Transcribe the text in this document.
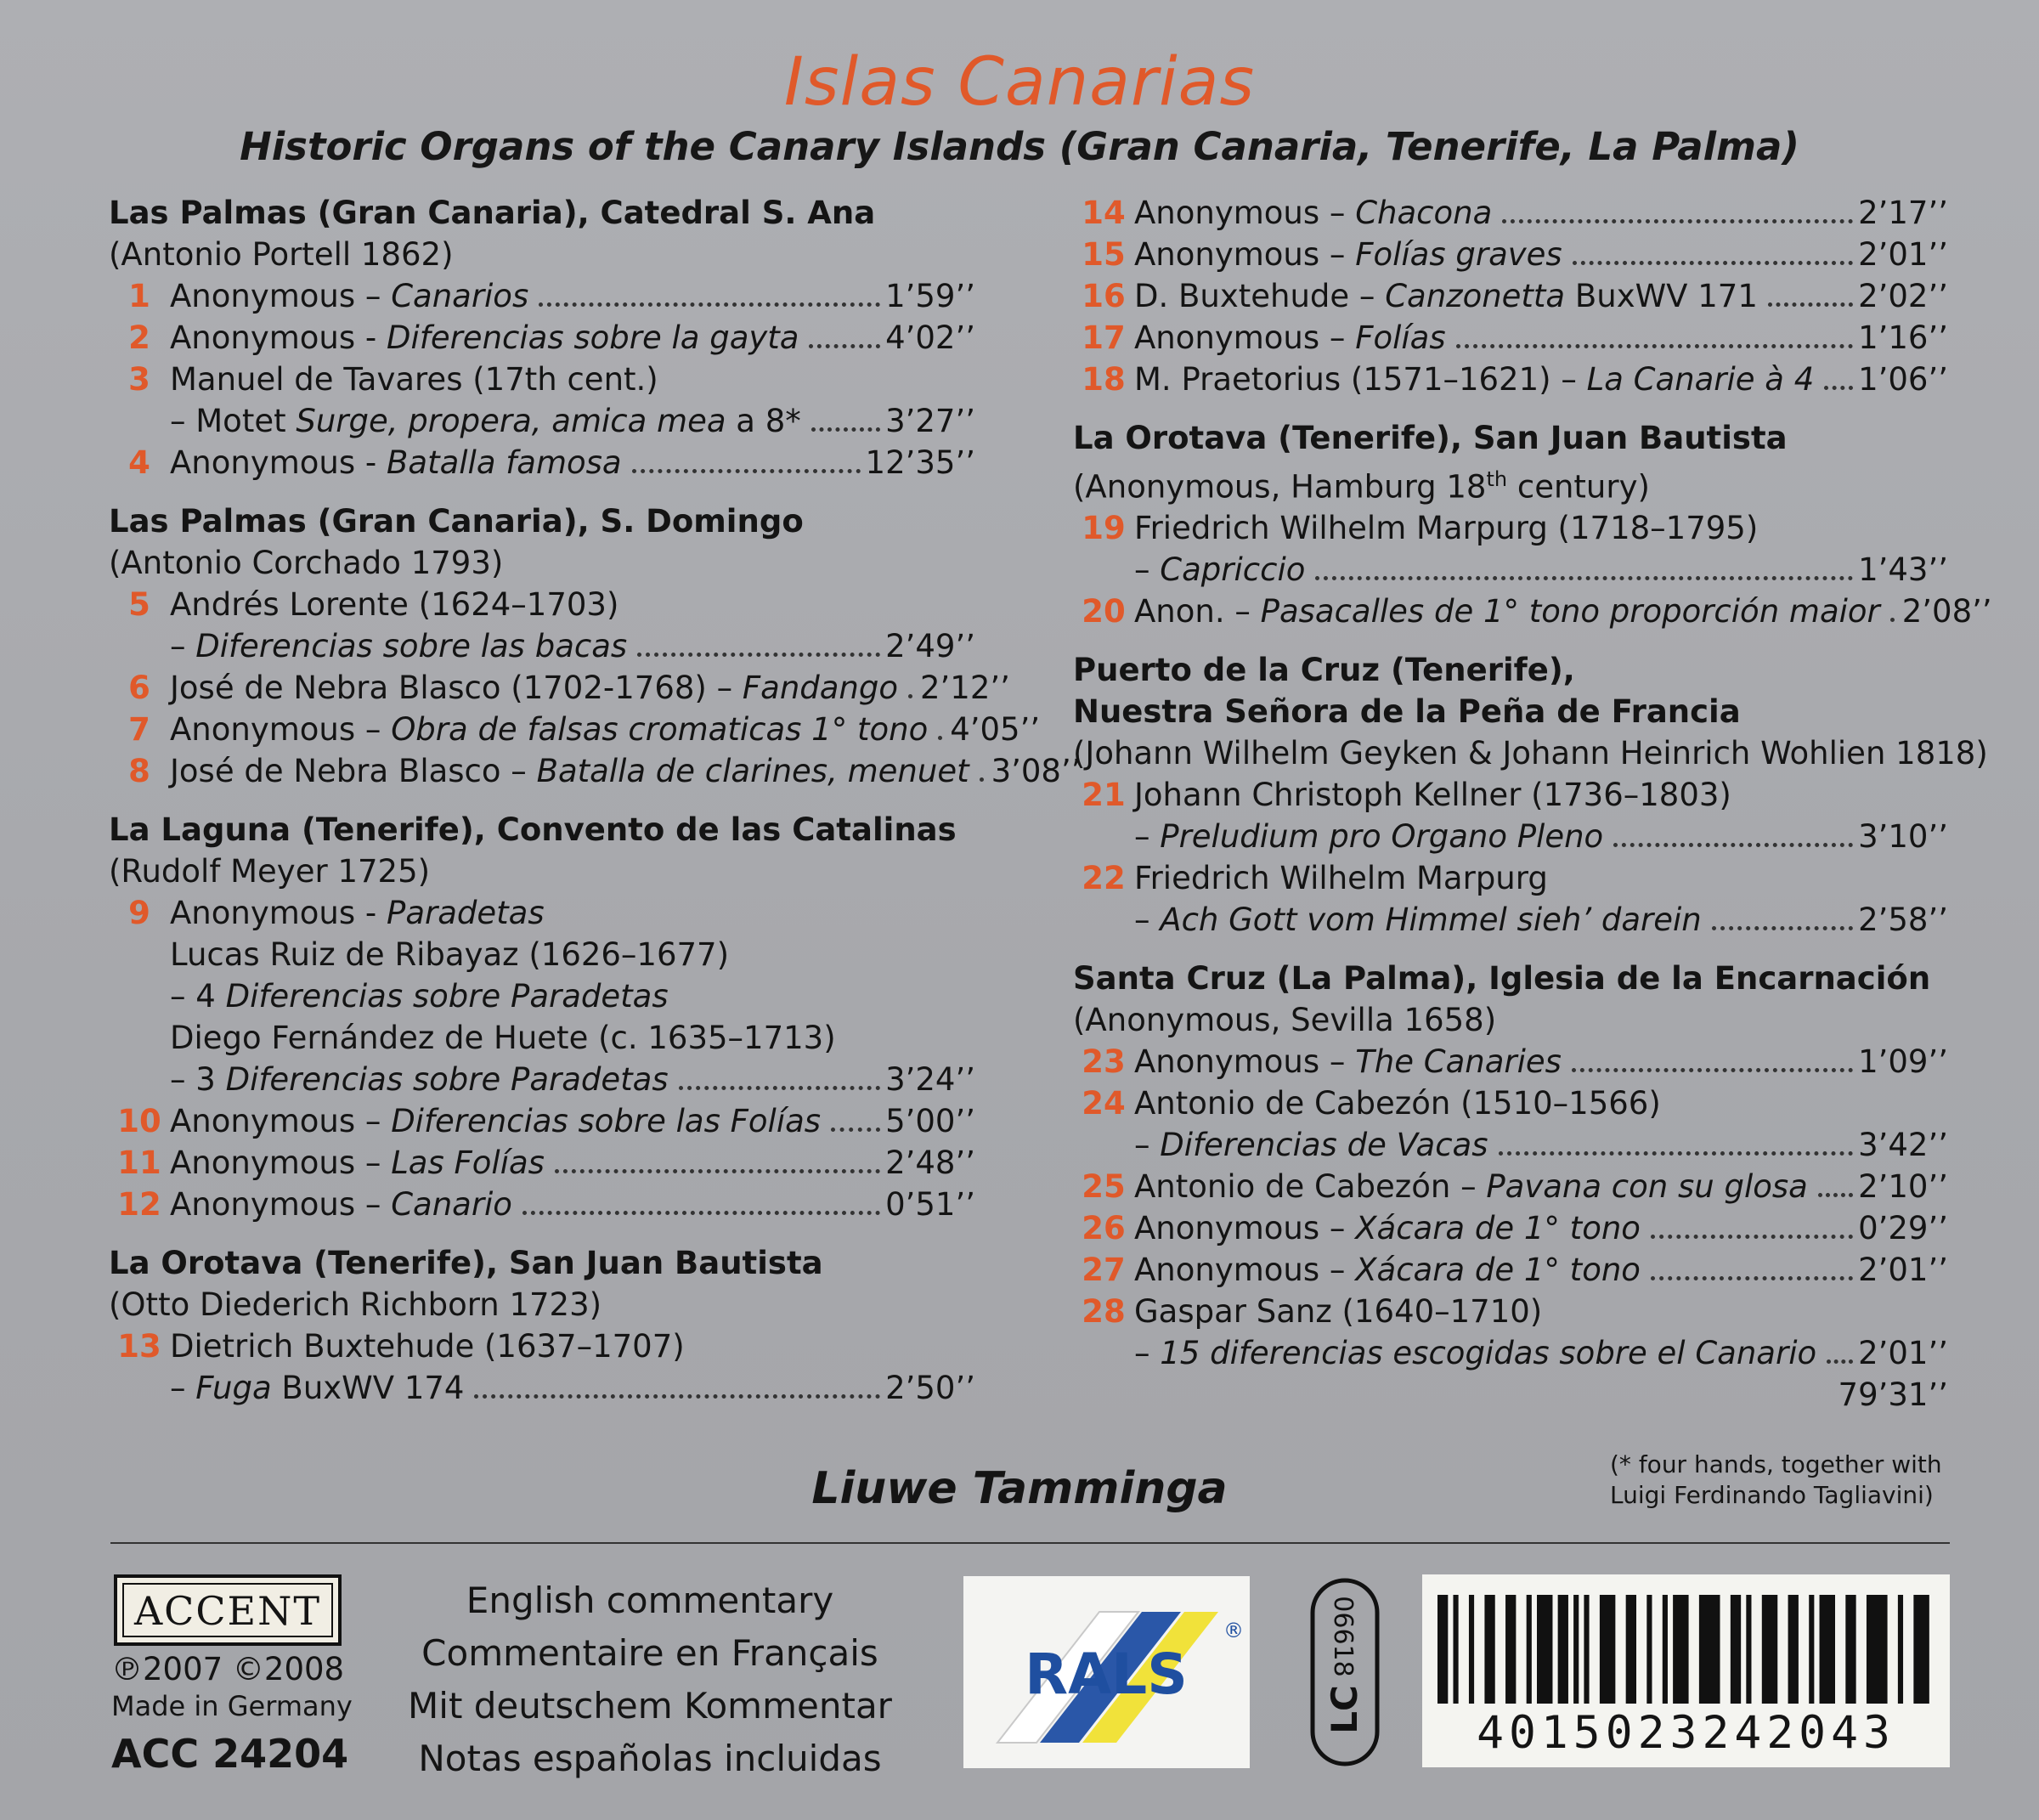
Islas Canarias
Historic Organs of the Canary Islands (Gran Canaria, Tenerife, La Palma)
Las Palmas (Gran Canaria), Catedral S. Ana
(Antonio Portell 1862)
1 Anonymous – Canarios	1’59’’
2 Anonymous - Diferencias sobre la gayta	4’02’’
3 Manuel de Tavares (17th cent.)
– Motet Surge, propera, amica mea a 8*	3’27’’
4 Anonymous - Batalla famosa	12’35’’
Las Palmas (Gran Canaria), S. Domingo
(Antonio Corchado 1793)
5 Andrés Lorente (1624–1703)
– Diferencias sobre las bacas	2’49’’
6 José de Nebra Blasco (1702-1768) – Fandango 2’12’’
7 Anonymous – Obra de falsas cromaticas 1° tono 4’05’’
8 José de Nebra Blasco – Batalla de clarines, menuet 3’08’’
La Laguna (Tenerife), Convento de las Catalinas
(Rudolf Meyer 1725)
9 Anonymous - Paradetas
Lucas Ruiz de Ribayaz (1626–1677)
– 4 Diferencias sobre Paradetas
Diego Fernández de Huete (c. 1635–1713)
– 3 Diferencias sobre Paradetas	3’24’’
10 Anonymous – Diferencias sobre las Folías 5’00’’
11 Anonymous – Las Folías	2’48’’
12 Anonymous – Canario	0’51’’
La Orotava (Tenerife), San Juan Bautista
(Otto Diederich Richborn 1723)
13 Dietrich Buxtehude (1637–1707)
– Fuga BuxWV 174	2’50’’
14 Anonymous – Chacona	2’17’’
15 Anonymous – Folías graves	2’01’’
16 D. Buxtehude – Canzonetta BuxWV 171	2’02’’
17 Anonymous – Folías	1’16’’
18 M. Praetorius (1571–1621) – La Canarie à 4 1’06’’
La Orotava (Tenerife), San Juan Bautista
(Anonymous, Hamburg 18th century)
19 Friedrich Wilhelm Marpurg (1718–1795)
– Capriccio	1’43’’
20 Anon. – Pasacalles de 1° tono proporción maior 2’08’’
Puerto de la Cruz (Tenerife),
Nuestra Señora de la Peña de Francia
(Johann Wilhelm Geyken & Johann Heinrich Wohlien 1818)
21 Johann Christoph Kellner (1736–1803)
– Preludium pro Organo Pleno	3’10’’
22 Friedrich Wilhelm Marpurg
– Ach Gott vom Himmel sieh’ darein	2’58’’
Santa Cruz (La Palma), Iglesia de la Encarnación
(Anonymous, Sevilla 1658)
23 Anonymous – The Canaries	1’09’’
24 Antonio de Cabezón (1510–1566)
– Diferencias de Vacas	3’42’’
25 Antonio de Cabezón – Pavana con su glosa 2’10’’
26 Anonymous – Xácara de 1° tono	0’29’’
27 Anonymous – Xácara de 1° tono	2’01’’
28 Gaspar Sanz (1640–1710)
– 15 diferencias escogidas sobre el Canario 2’01’’
79’31’’
Liuwe Tamminga	(* four hands, together with
Luigi Ferdinando Tagliavini)
ACCENT
℗2007 ©2008
Made in Germany
ACC 24204
English commentary
Commentaire en Français
Mit deutschem Kommentar
Notas españolas incluidas
RALS
®
LC
06618
4015023242043
